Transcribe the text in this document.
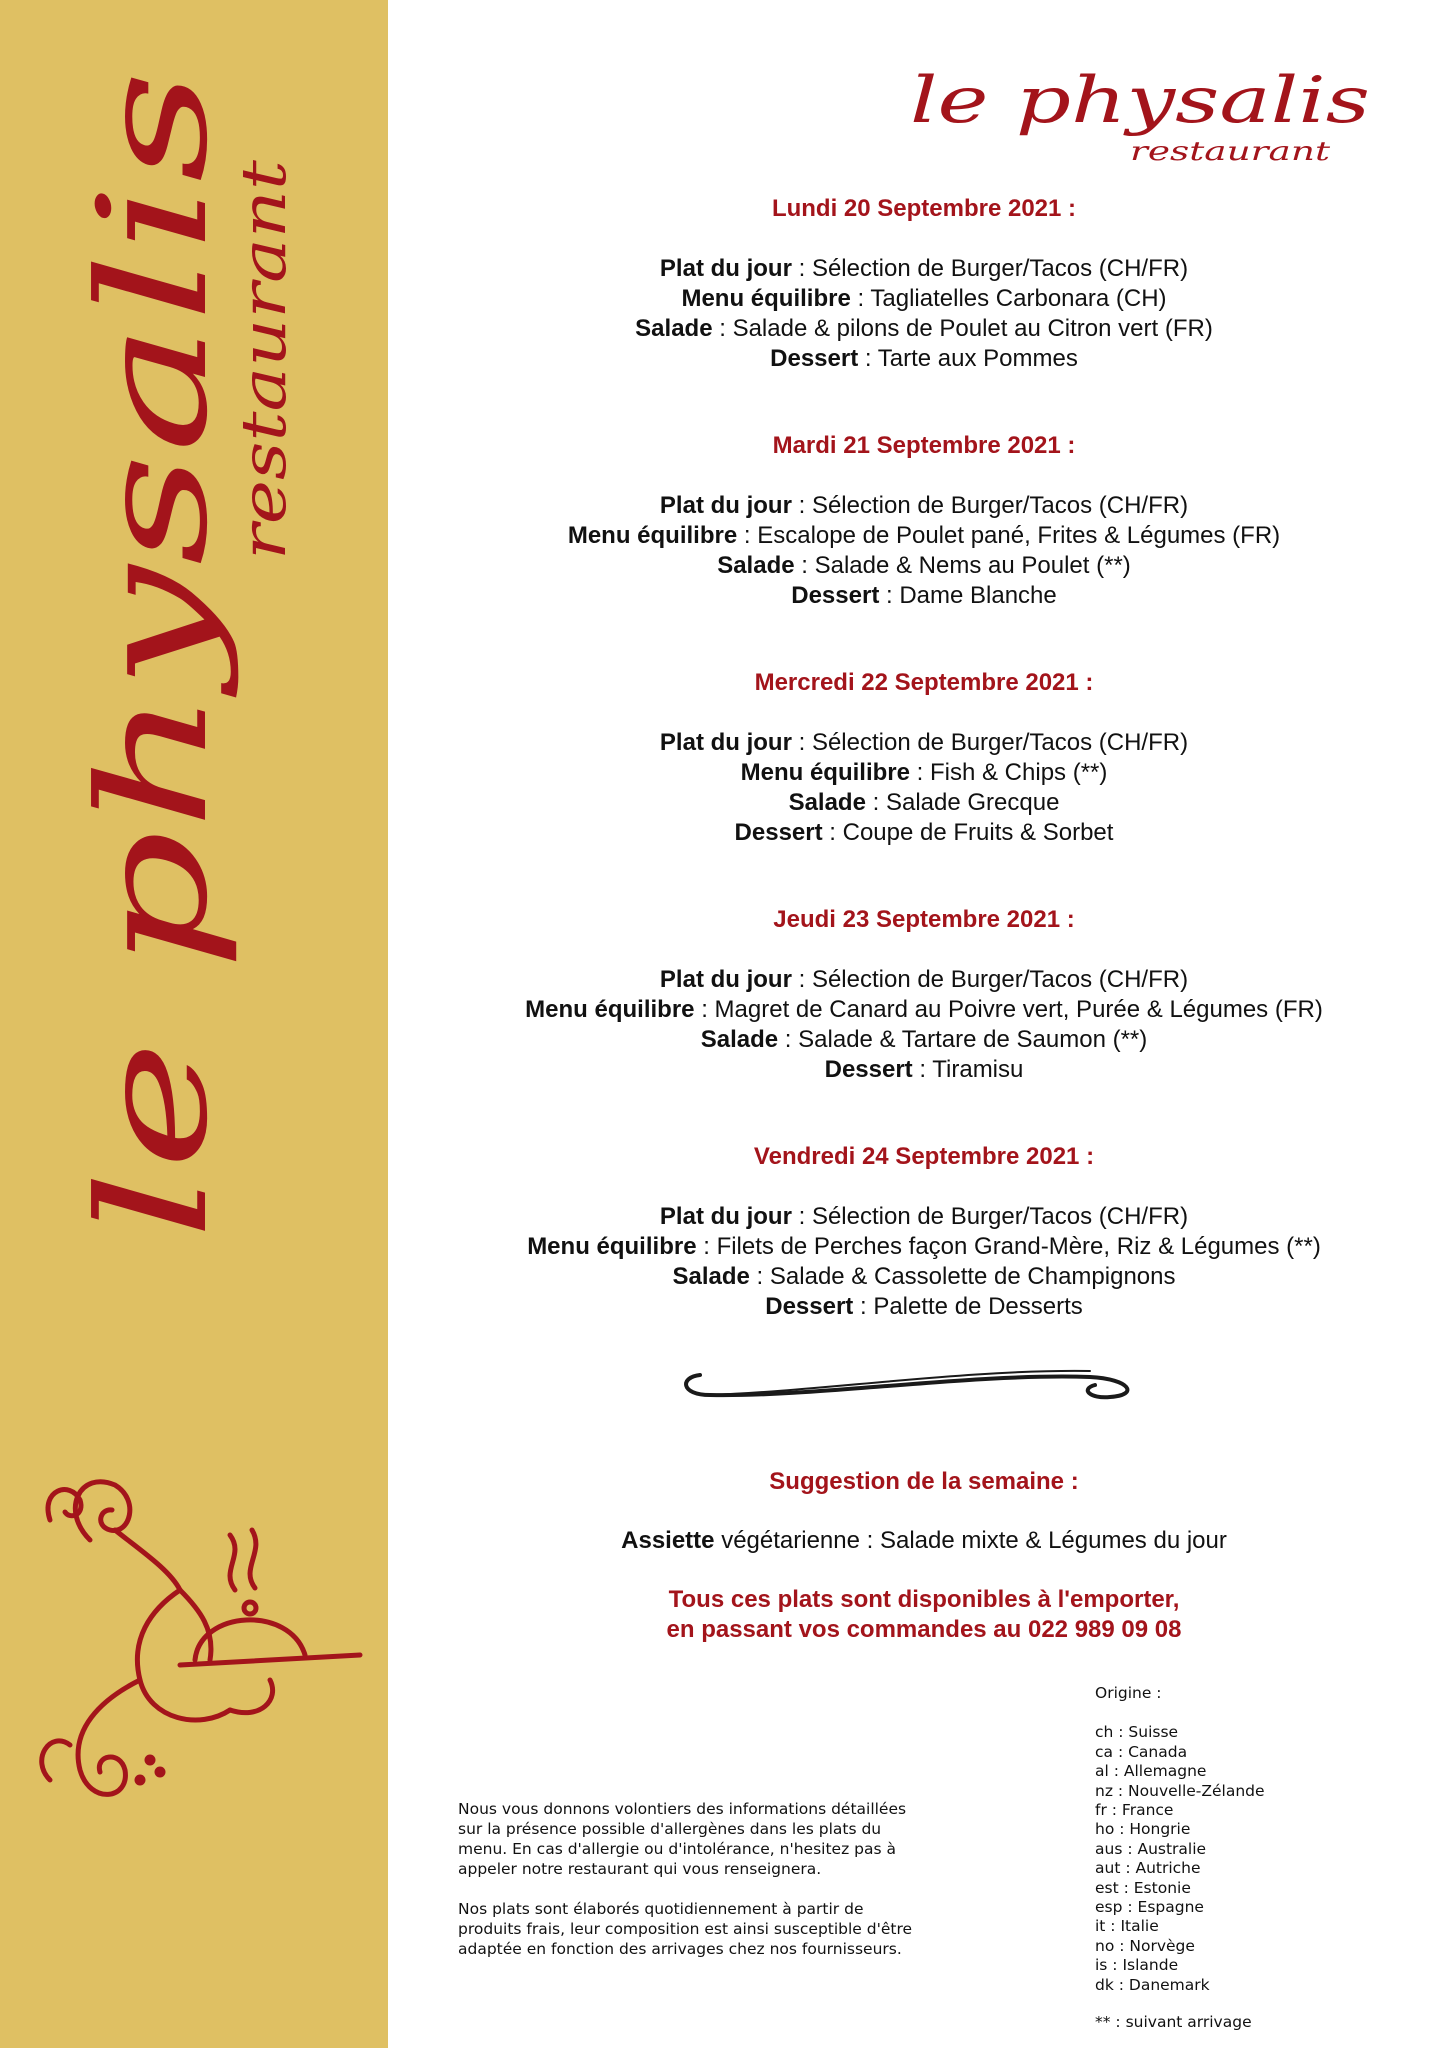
le physalis
restaurant
le physalis
restaurant
Lundi 20 Septembre 2021 :
Plat du jour : Sélection de Burger/Tacos (CH/FR)
Menu équilibre : Tagliatelles Carbonara (CH)
Salade : Salade & pilons de Poulet au Citron vert (FR)
Dessert : Tarte aux Pommes
Mardi 21 Septembre 2021 :
Plat du jour : Sélection de Burger/Tacos (CH/FR)
Menu équilibre : Escalope de Poulet pané, Frites & Légumes (FR)
Salade : Salade & Nems au Poulet (**)
Dessert : Dame Blanche
Mercredi 22 Septembre 2021 :
Plat du jour : Sélection de Burger/Tacos (CH/FR)
Menu équilibre : Fish & Chips (**)
Salade : Salade Grecque
Dessert : Coupe de Fruits & Sorbet
Jeudi 23 Septembre 2021 :
Plat du jour : Sélection de Burger/Tacos (CH/FR)
Menu équilibre : Magret de Canard au Poivre vert, Purée & Légumes (FR)
Salade : Salade & Tartare de Saumon (**)
Dessert : Tiramisu
Vendredi 24 Septembre 2021 :
Plat du jour : Sélection de Burger/Tacos (CH/FR)
Menu équilibre : Filets de Perches façon Grand-Mère, Riz & Légumes (**)
Salade : Salade & Cassolette de Champignons
Dessert : Palette de Desserts
Suggestion de la semaine :
Assiette végétarienne : Salade mixte & Légumes du jour
Tous ces plats sont disponibles à l'emporter,
en passant vos commandes au 022 989 09 08
Nous vous donnons volontiers des informations détaillées
sur la présence possible d'allergènes dans les plats du
menu. En cas d'allergie ou d'intolérance, n'hesitez pas à
appeler notre restaurant qui vous renseignera.
Nos plats sont élaborés quotidiennement à partir de
produits frais, leur composition est ainsi susceptible d'être
adaptée en fonction des arrivages chez nos fournisseurs.
Origine :
ch : Suisse
ca : Canada
al : Allemagne
nz : Nouvelle-Zélande
fr : France
ho : Hongrie
aus : Australie
aut : Autriche
est : Estonie
esp : Espagne
it : Italie
no : Norvège
is : Islande
dk : Danemark
** : suivant arrivage
